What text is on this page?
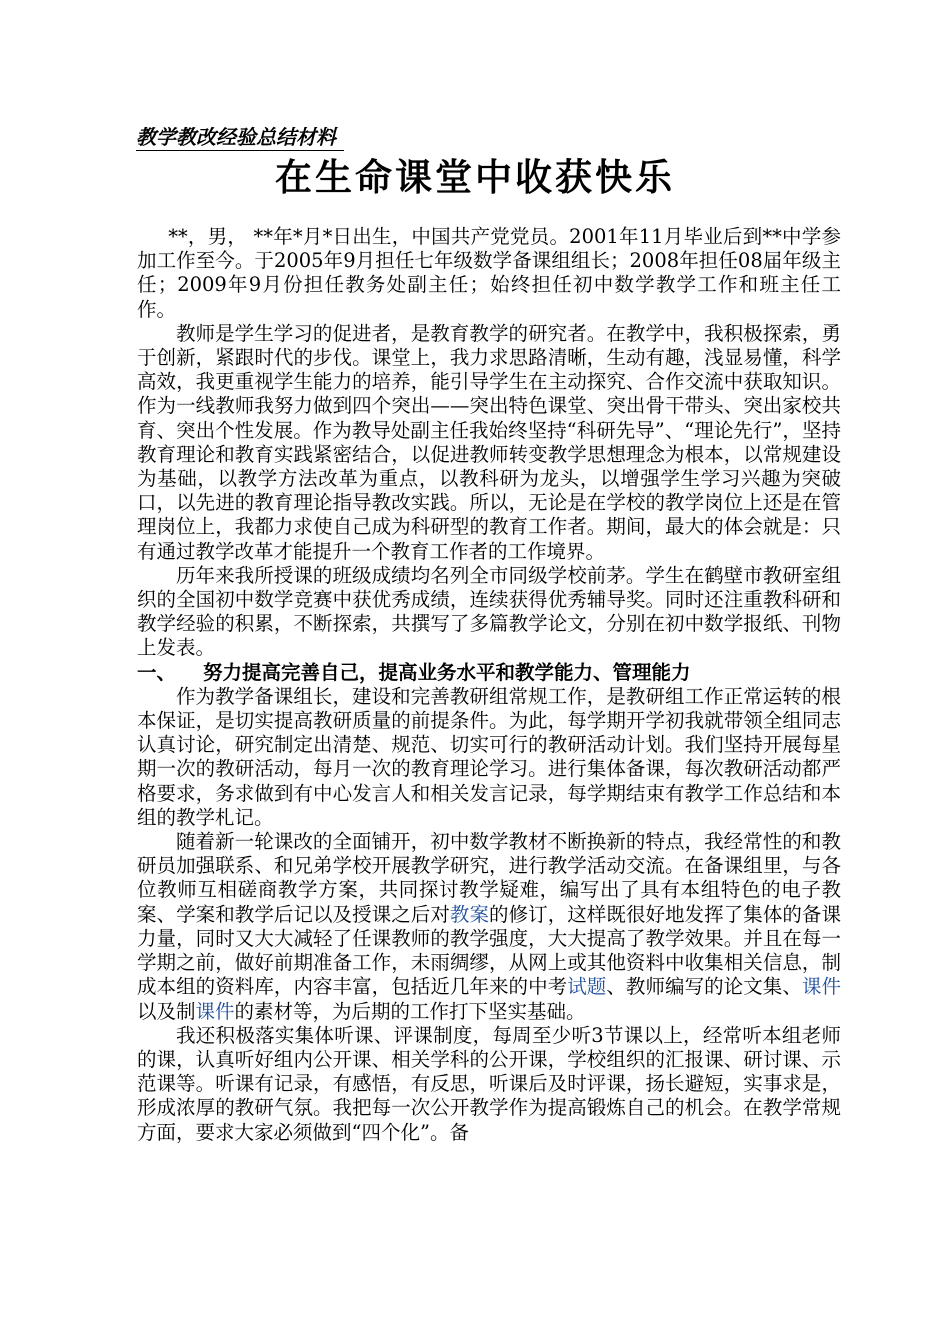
教学教改经验总结材料
在生命课堂中收获快乐

**，男， **年*月*日出生，中国共产党党员。2001年11月毕业后到**中学参加工作至今。于2005年9月担任七年级数学备课组组长；2008年担任08届年级主任；2009年9月份担任教务处副主任；始终担任初中数学教学工作和班主任工作。

教师是学生学习的促进者，是教育教学的研究者。在教学中，我积极探索，勇于创新，紧跟时代的步伐。课堂上，我力求思路清晰，生动有趣，浅显易懂，科学高效，我更重视学生能力的培养，能引导学生在主动探究、合作交流中获取知识。作为一线教师我努力做到四个突出——突出特色课堂、突出骨干带头、突出家校共育、突出个性发展。作为教导处副主任我始终坚持“科研先导”、“理论先行”，坚持教育理论和教育实践紧密结合，以促进教师转变教学思想理念为根本，以常规建设为基础，以教学方法改革为重点，以教科研为龙头，以增强学生学习兴趣为突破口，以先进的教育理论指导教改实践。所以，无论是在学校的教学岗位上还是在管理岗位上，我都力求使自己成为科研型的教育工作者。期间，最大的体会就是：只有通过教学改革才能提升一个教育工作者的工作境界。

历年来我所授课的班级成绩均名列全市同级学校前茅。学生在鹤壁市教研室组织的全国初中数学竞赛中获优秀成绩，连续获得优秀辅导奖。同时还注重教科研和教学经验的积累，不断探索，共撰写了多篇教学论文，分别在初中数学报纸、刊物上发表。

一、 努力提高完善自己，提高业务水平和教学能力、管理能力

作为教学备课组长，建设和完善教研组常规工作，是教研组工作正常运转的根本保证，是切实提高教研质量的前提条件。为此，每学期开学初我就带领全组同志认真讨论，研究制定出清楚、规范、切实可行的教研活动计划。我们坚持开展每星期一次的教研活动，每月一次的教育理论学习。进行集体备课，每次教研活动都严格要求，务求做到有中心发言人和相关发言记录，每学期结束有教学工作总结和本组的教学札记。

随着新一轮课改的全面铺开，初中数学教材不断换新的特点，我经常性的和教研员加强联系、和兄弟学校开展教学研究，进行教学活动交流。在备课组里，与各位教师互相磋商教学方案，共同探讨教学疑难，编写出了具有本组特色的电子教案、学案和教学后记以及授课之后对教案的修订，这样既很好地发挥了集体的备课力量，同时又大大减轻了任课教师的教学强度，大大提高了教学效果。并且在每一学期之前，做好前期准备工作，未雨绸缪，从网上或其他资料中收集相关信息，制成本组的资料库，内容丰富，包括近几年来的中考试题、教师编写的论文集、课件以及制课件的素材等，为后期的工作打下坚实基础。

我还积极落实集体听课、评课制度，每周至少听3节课以上，经常听本组老师的课，认真听好组内公开课、相关学科的公开课，学校组织的汇报课、研讨课、示范课等。听课有记录，有感悟，有反思，听课后及时评课，扬长避短，实事求是，形成浓厚的教研气氛。我把每一次公开教学作为提高锻炼自己的机会。在教学常规方面，要求大家必须做到“四个化”。备
